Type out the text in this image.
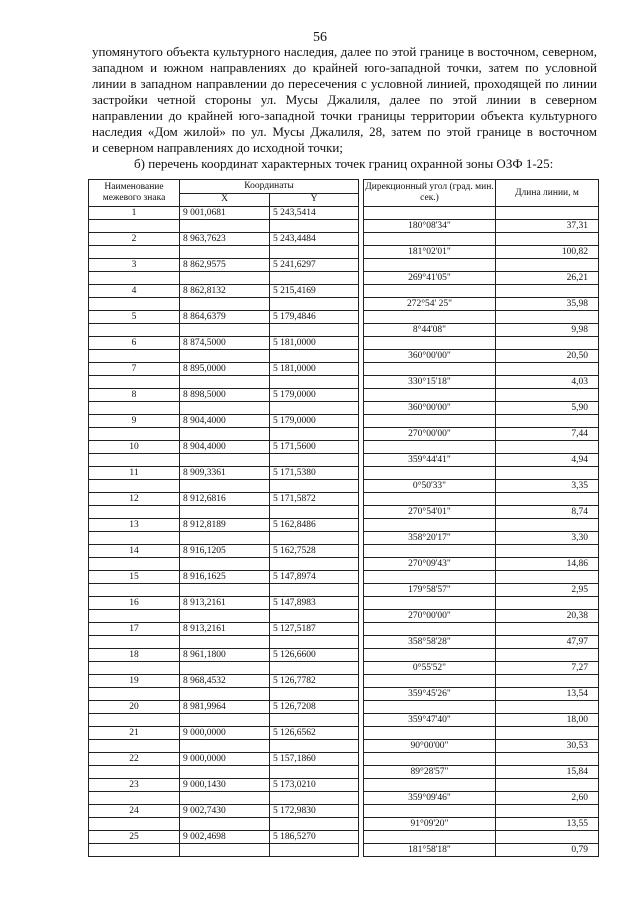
56
упомянутого объекта культурного наследия, далее по этой границе в восточном, северном,
западном и южном направлениях до крайней юго-западной точки, затем по условной
линии в западном направлении до пересечения с условной линией, проходящей по линии
застройки четной стороны ул. Мусы Джалиля, далее по этой линии в северном
направлении до крайней юго-западной точки границы территории объекта культурного
наследия «Дом жилой» по ул. Мусы Джалиля, 28, затем по этой границе в восточном
и северном направлениях до исходной точки;
б) перечень координат характерных точек границ охранной зоны ОЗФ 1-25:
Наименование межевого знака	Координаты			Дирекционный угол (град. мин. сек.)	Длина линии, м
	X	Y			
1	9 001,0681	5 243,5414			
				180°08'34"	37,31
2	8 963,7623	5 243,4484			
				181°02'01"	100,82
3	8 862,9575	5 241,6297			
				269°41'05"	26,21
4	8 862,8132	5 215,4169			
				272°54' 25"	35,98
5	8 864,6379	5 179,4846			
				8°44'08"	9,98
6	8 874,5000	5 181,0000			
				360°00'00"	20,50
7	8 895,0000	5 181,0000			
				330°15'18"	4,03
8	8 898,5000	5 179,0000			
				360°00'00"	5,90
9	8 904,4000	5 179,0000			
				270°00'00"	7,44
10	8 904,4000	5 171,5600			
				359°44'41"	4,94
11	8 909,3361	5 171,5380			
				0°50'33"	3,35
12	8 912,6816	5 171,5872			
				270°54'01"	8,74
13	8 912,8189	5 162,8486			
				358°20'17"	3,30
14	8 916,1205	5 162,7528			
				270°09'43"	14,86
15	8 916,1625	5 147,8974			
				179°58'57"	2,95
16	8 913,2161	5 147,8983			
				270°00'00"	20,38
17	8 913,2161	5 127,5187			
				358°58'28"	47,97
18	8 961,1800	5 126,6600			
				0°55'52"	7,27
19	8 968,4532	5 126,7782			
				359°45'26"	13,54
20	8 981,9964	5 126,7208			
				359°47'40"	18,00
21	9 000,0000	5 126,6562			
				90°00'00"	30,53
22	9 000,0000	5 157,1860			
				89°28'57"	15,84
23	9 000,1430	5 173,0210			
				359°09'46"	2,60
24	9 002,7430	5 172,9830			
				91°09'20"	13,55
25	9 002,4698	5 186,5270			
				181°58'18"	0,79
